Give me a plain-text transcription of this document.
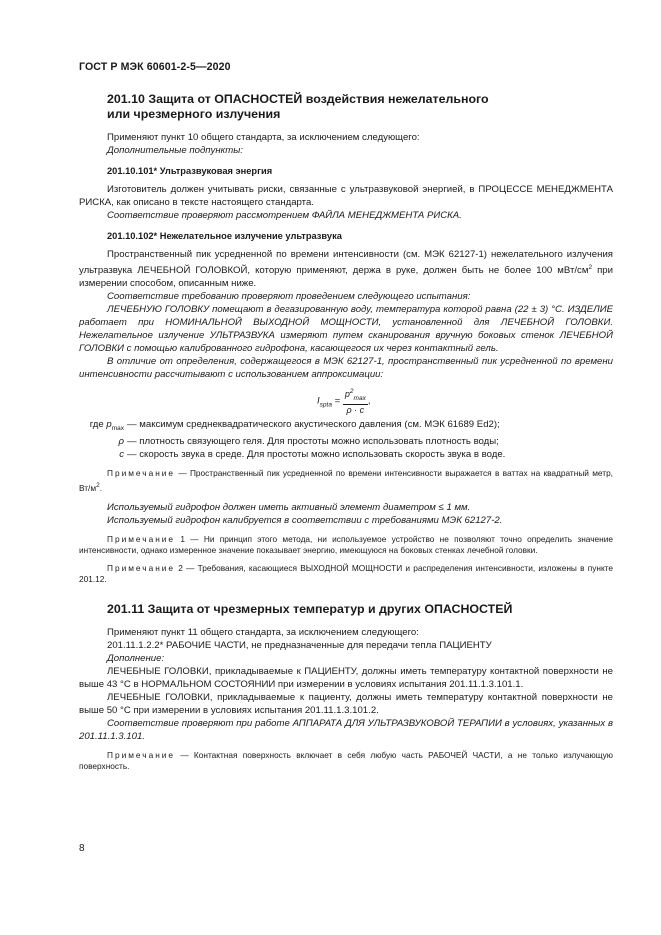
ГОСТ Р МЭК 60601-2-5—2020
201.10 Защита от ОПАСНОСТЕЙ воздействия нежелательного
или чрезмерного излучения

Применяют пункт 10 общего стандарта, за исключением следующего:

Дополнительные подпункты:

201.10.101* Ультразвуковая энергия

Изготовитель должен учитывать риски, связанные с ультразвуковой энергией, в ПРОЦЕССЕ МЕНЕДЖМЕНТА РИСКА, как описано в тексте настоящего стандарта.

Соответствие проверяют рассмотрением ФАЙЛА МЕНЕДЖМЕНТА РИСКА.

201.10.102* Нежелательное излучение ультразвука

Пространственный пик усредненной по времени интенсивности (см. МЭК 62127-1) нежелательного излучения ультразвука ЛЕЧЕБНОЙ ГОЛОВКОЙ, которую применяют, держа в руке, должен быть не более 100 мВт/$см^2$ при измерении способом, описанным ниже.

Соответствие требованию проверяют проведением следующего испытания:

ЛЕЧЕБНУЮ ГОЛОВКУ помещают в дегазированную воду, температура которой равна (22 ± 3) °С. ИЗДЕЛИЕ работает при НОМИНАЛЬНОЙ ВЫХОДНОЙ МОЩНОСТИ, установленной для ЛЕЧЕБНОЙ ГОЛОВКИ. Нежелательное излучение УЛЬТРАЗВУКА измеряют путем сканирования вручную боковых стенок ЛЕЧЕБНОЙ ГОЛОВКИ с помощью калиброванного гидрофона, касающегося их через контактный гель.

В отличие от определения, содержащегося в МЭК 62127-1, пространственный пик усредненной по времени интенсивности рассчитывают с использованием аппроксимации:

$I_{spta} = \frac{p^2_{max}}{\rho \cdot c}$ ,
где $p_{max}$ — максимум среднеквадратического акустического давления (см. МЭК 61689 Ed2);
ρ — плотность связующего геля. Для простоты можно использовать плотность воды;
c — скорость звука в среде. Для простоты можно использовать скорость звука в воде.

Примечание — Пространственный пик усредненной по времени интенсивности выражается в ваттах на квадратный метр, $Вт/м^2$.

Используемый гидрофон должен иметь активный элемент диаметром ≤ 1 мм.

Используемый гидрофон калибруется в соответствии с требованиями МЭК 62127-2.

Примечание 1 — Ни принцип этого метода, ни используемое устройство не позволяют точно определить значение интенсивности, однако измеренное значение показывает энергию, имеющуюся на боковых стенках лечебной головки.

Примечание 2 — Требования, касающиеся ВЫХОДНОЙ МОЩНОСТИ и распределения интенсивности, изложены в пункте 201.12.

201.11 Защита от чрезмерных температур и других ОПАСНОСТЕЙ

Применяют пункт 11 общего стандарта, за исключением следующего:

201.11.1.2.2* РАБОЧИЕ ЧАСТИ, не предназначенные для передачи тепла ПАЦИЕНТУ

Дополнение:

ЛЕЧЕБНЫЕ ГОЛОВКИ, прикладываемые к ПАЦИЕНТУ, должны иметь температуру контактной поверхности не выше 43 °С в НОРМАЛЬНОМ СОСТОЯНИИ при измерении в условиях испытания 201.11.1.3.101.1.

ЛЕЧЕБНЫЕ ГОЛОВКИ, прикладываемые к пациенту, должны иметь температуру контактной поверхности не выше 50 °С при измерении в условиях испытания 201.11.1.3.101.2.

Соответствие проверяют при работе АППАРАТА ДЛЯ УЛЬТРАЗВУКОВОЙ ТЕРАПИИ в условиях, указанных в 201.11.1.3.101.

Примечание — Контактная поверхность включает в себя любую часть РАБОЧЕЙ ЧАСТИ, а не только излучающую поверхность.

8
